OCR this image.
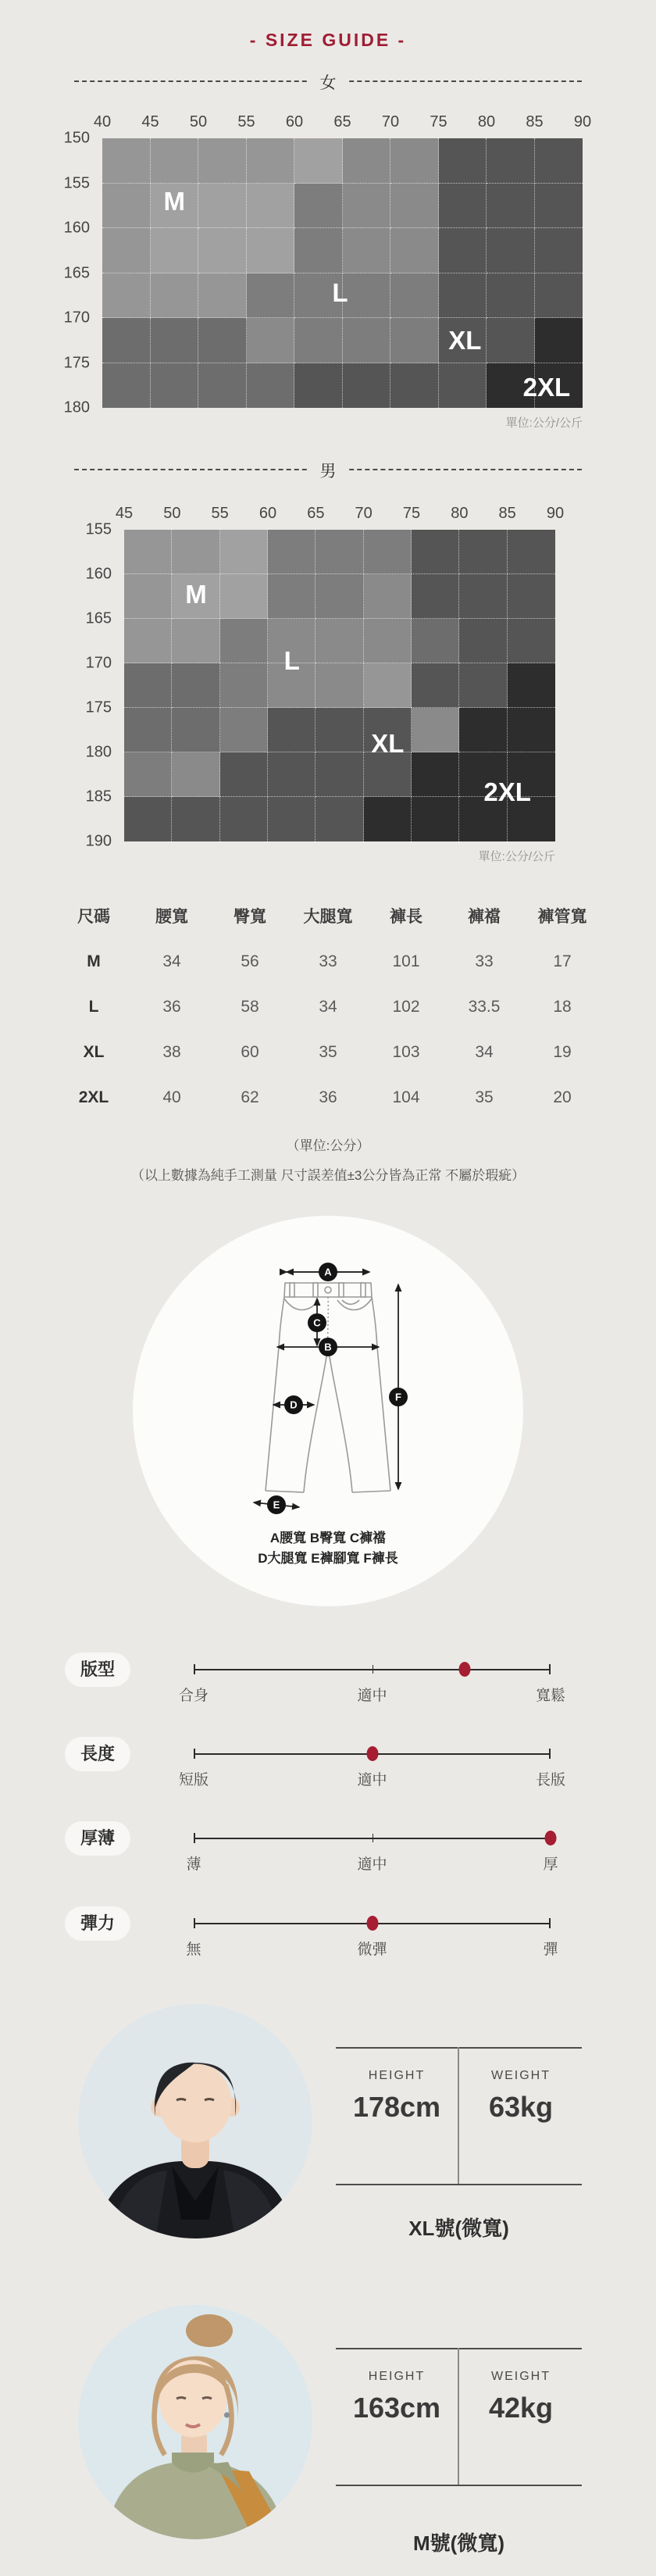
- SIZE GUIDE -
女
單位:公分/公斤
40 45 50 55 60 65 70 75 80 85 90
150
155
160
165
170
175
180
M
L
XL
2XL
男
單位:公分/公斤
45 50 55 60 65 70 75 80 85 90
155
160
165
170
175
180
185
190
M
L
XL
2XL
尺碼	腰寬	臀寬	大腿寬	褲長	褲襠	褲管寬
M	34	56	33	101	33	17
L	36	58	34	102	33.5	18
XL	38	60	35	103	34	19
2XL	40	62	36	104	35	20
（單位:公分）
（以上數據為純手工測量 尺寸誤差值±3公分皆為正常 不屬於瑕疵）
A
B
C
D
E
F
A腰寬 B臀寬 C褲襠
D大腿寬 E褲腳寬 F褲長
版型
合身	適中	寬鬆
長度
短版	適中	長版
厚薄
薄	適中	厚
彈力
無	微彈	彈
HEIGHT	WEIGHT
178cm	63kg
XL號(微寬)
HEIGHT	WEIGHT
163cm	42kg
M號(微寬)
